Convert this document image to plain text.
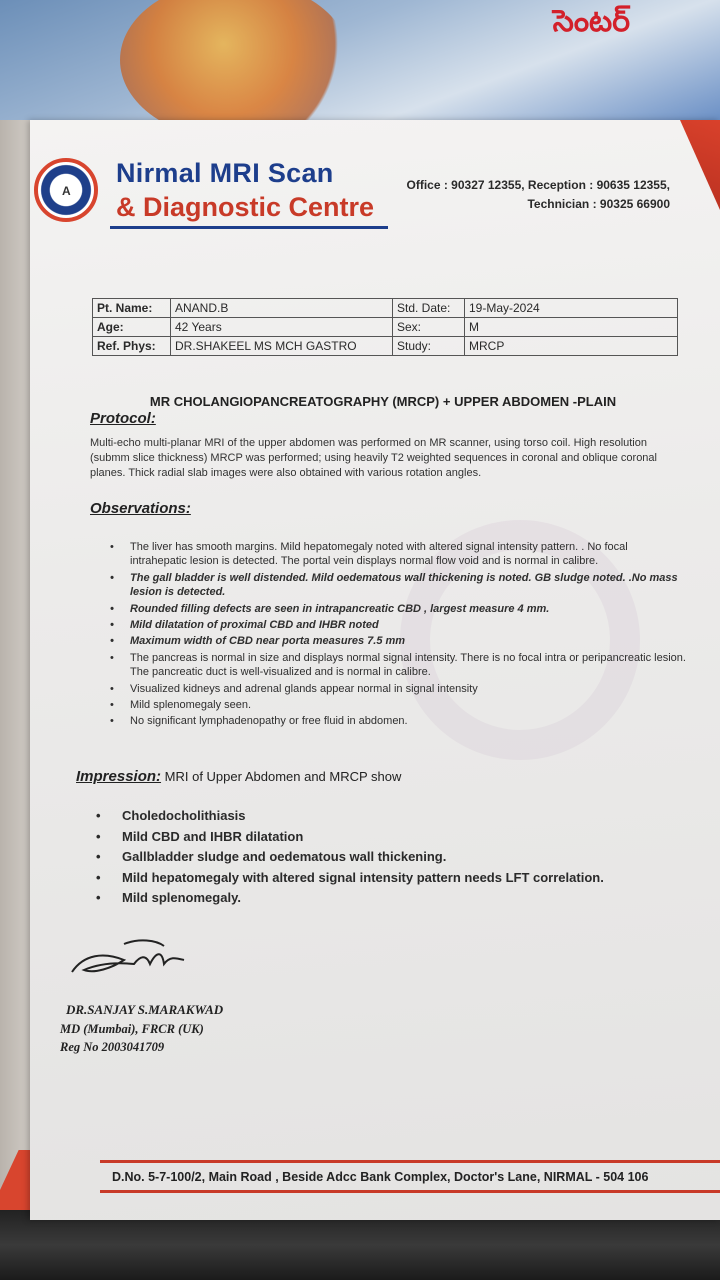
సెంటర్
A
Nirmal MRI Scan
& Diagnostic Centre
Office : 90327 12355, Reception : 90635 12355,
Technician : 90325 66900
Pt. Name:	ANAND.B	Std. Date:	19-May-2024
Age:	42 Years	Sex:	M
Ref. Phys:	DR.SHAKEEL MS MCH GASTRO	Study:	MRCP
MR CHOLANGIOPANCREATOGRAPHY (MRCP) + UPPER ABDOMEN -PLAIN
Protocol:
Multi-echo multi-planar MRI of the upper abdomen was performed on MR scanner, using torso coil. High resolution (submm slice thickness) MRCP was performed; using heavily T2 weighted sequences in coronal and oblique coronal planes. Thick radial slab images were also obtained with various rotation angles.
Observations:
• The liver has smooth margins. Mild hepatomegaly noted with altered signal intensity pattern. . No focal intrahepatic lesion is detected. The portal vein displays normal flow void and is normal in calibre.
• The gall bladder is well distended. Mild oedematous wall thickening is noted. GB sludge noted. .No mass lesion is detected.
• Rounded filling defects are seen in intrapancreatic CBD , largest measure 4 mm.
• Mild dilatation of proximal CBD and IHBR noted
• Maximum width of CBD near porta measures 7.5 mm
• The pancreas is normal in size and displays normal signal intensity. There is no focal intra or peripancreatic lesion. The pancreatic duct is well-visualized and is normal in calibre.
• Visualized kidneys and adrenal glands appear normal in signal intensity
• Mild splenomegaly seen.
• No significant lymphadenopathy or free fluid in abdomen.
Impression: MRI of Upper Abdomen and MRCP show
• Choledocholithiasis
• Mild CBD and IHBR dilatation
• Gallbladder sludge and oedematous wall thickening.
• Mild hepatomegaly with altered signal intensity pattern needs LFT correlation.
• Mild splenomegaly.
DR.SANJAY S.MARAKWAD
MD (Mumbai), FRCR (UK)
Reg No 2003041709
D.No. 5-7-100/2, Main Road , Beside Adcc Bank Complex, Doctor's Lane, NIRMAL - 504 106
